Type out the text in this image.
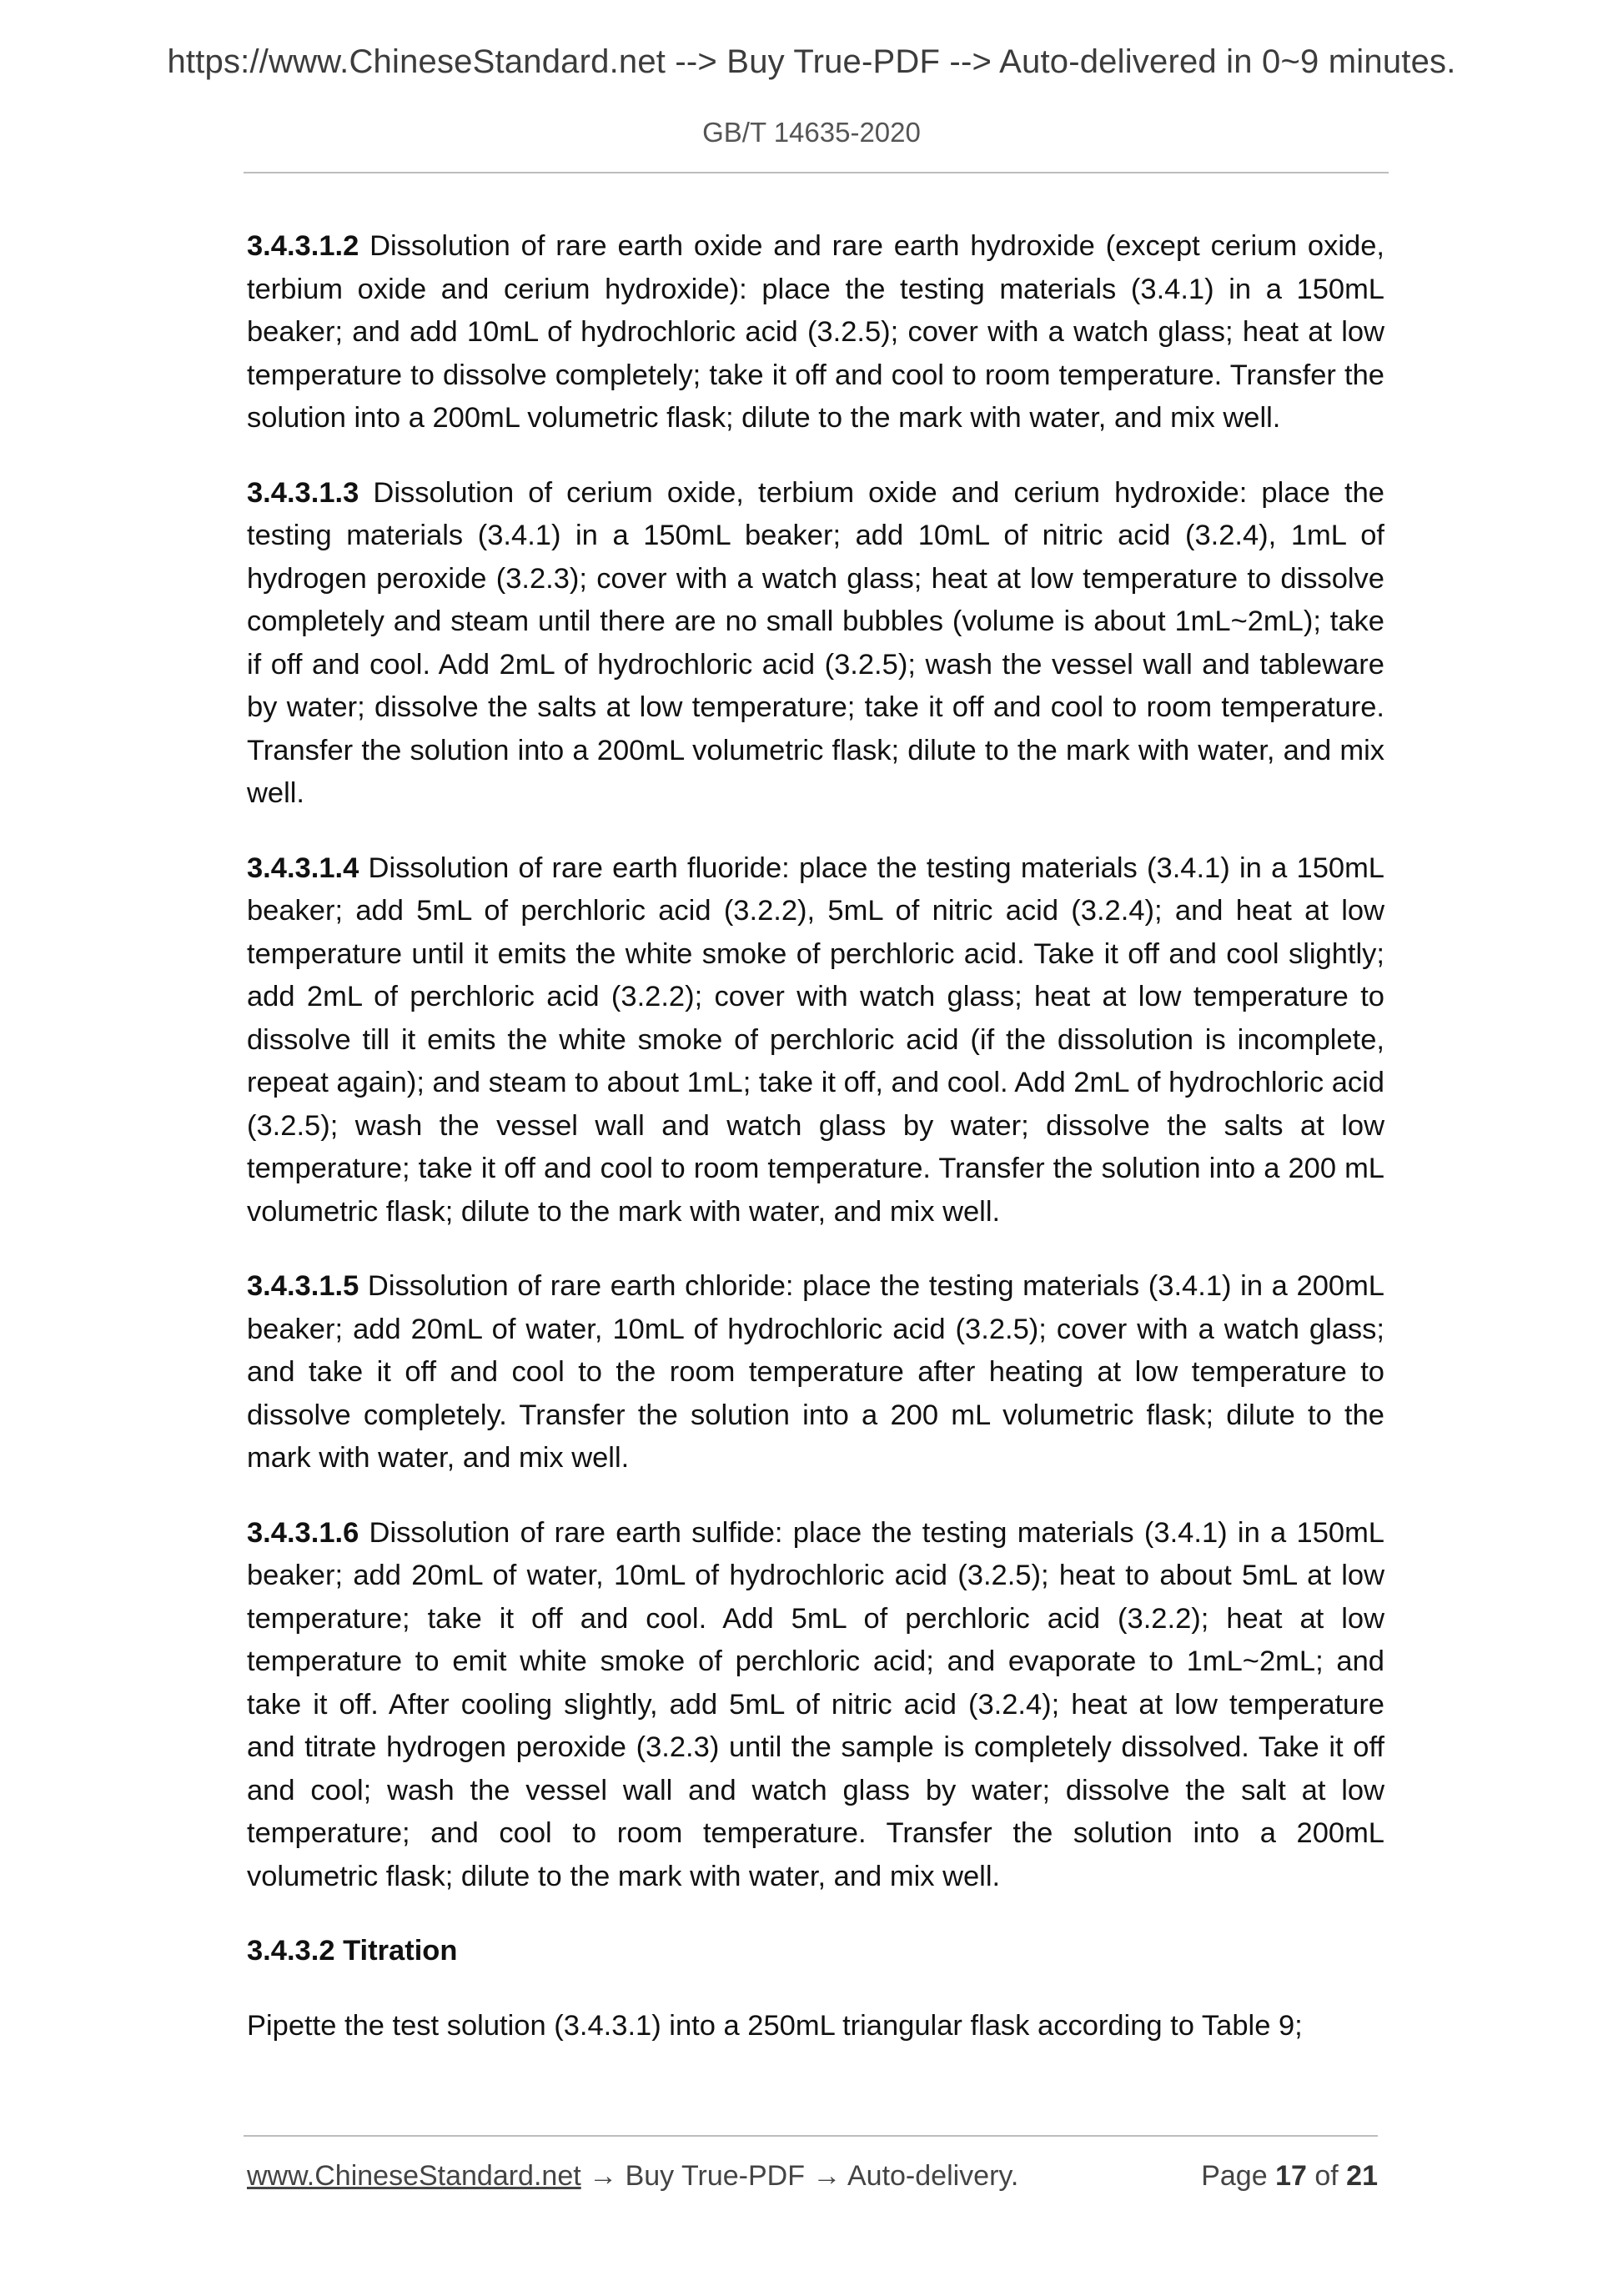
https://www.ChineseStandard.net --> Buy True-PDF --> Auto-delivered in 0~9 minutes.
GB/T 14635-2020

3.4.3.1.2 Dissolution of rare earth oxide and rare earth hydroxide (except cerium oxide, terbium oxide and cerium hydroxide): place the testing materials (3.4.1) in a 150mL beaker; and add 10mL of hydrochloric acid (3.2.5); cover with a watch glass; heat at low temperature to dissolve completely; take it off and cool to room temperature. Transfer the solution into a 200mL volumetric flask; dilute to the mark with water, and mix well.

3.4.3.1.3 Dissolution of cerium oxide, terbium oxide and cerium hydroxide: place the testing materials (3.4.1) in a 150mL beaker; add 10mL of nitric acid (3.2.4), 1mL of hydrogen peroxide (3.2.3); cover with a watch glass; heat at low temperature to dissolve completely and steam until there are no small bubbles (volume is about 1mL~2mL); take if off and cool. Add 2mL of hydrochloric acid (3.2.5); wash the vessel wall and tableware by water; dissolve the salts at low temperature; take it off and cool to room temperature. Transfer the solution into a 200mL volumetric flask; dilute to the mark with water, and mix well.

3.4.3.1.4 Dissolution of rare earth fluoride: place the testing materials (3.4.1) in a 150mL beaker; add 5mL of perchloric acid (3.2.2), 5mL of nitric acid (3.2.4); and heat at low temperature until it emits the white smoke of perchloric acid. Take it off and cool slightly; add 2mL of perchloric acid (3.2.2); cover with watch glass; heat at low temperature to dissolve till it emits the white smoke of perchloric acid (if the dissolution is incomplete, repeat again); and steam to about 1mL; take it off, and cool. Add 2mL of hydrochloric acid (3.2.5); wash the vessel wall and watch glass by water; dissolve the salts at low temperature; take it off and cool to room temperature. Transfer the solution into a 200 mL volumetric flask; dilute to the mark with water, and mix well.

3.4.3.1.5 Dissolution of rare earth chloride: place the testing materials (3.4.1) in a 200mL beaker; add 20mL of water, 10mL of hydrochloric acid (3.2.5); cover with a watch glass; and take it off and cool to the room temperature after heating at low temperature to dissolve completely. Transfer the solution into a 200 mL volumetric flask; dilute to the mark with water, and mix well.

3.4.3.1.6 Dissolution of rare earth sulfide: place the testing materials (3.4.1) in a 150mL beaker; add 20mL of water, 10mL of hydrochloric acid (3.2.5); heat to about 5mL at low temperature; take it off and cool. Add 5mL of perchloric acid (3.2.2); heat at low temperature to emit white smoke of perchloric acid; and evaporate to 1mL~2mL; and take it off. After cooling slightly, add 5mL of nitric acid (3.2.4); heat at low temperature and titrate hydrogen peroxide (3.2.3) until the sample is completely dissolved. Take it off and cool; wash the vessel wall and watch glass by water; dissolve the salt at low temperature; and cool to room temperature. Transfer the solution into a 200mL volumetric flask; dilute to the mark with water, and mix well.

3.4.3.2 Titration

Pipette the test solution (3.4.3.1) into a 250mL triangular flask according to Table 9;

www.ChineseStandard.net → Buy True-PDF → Auto-delivery.	Page 17 of 21
